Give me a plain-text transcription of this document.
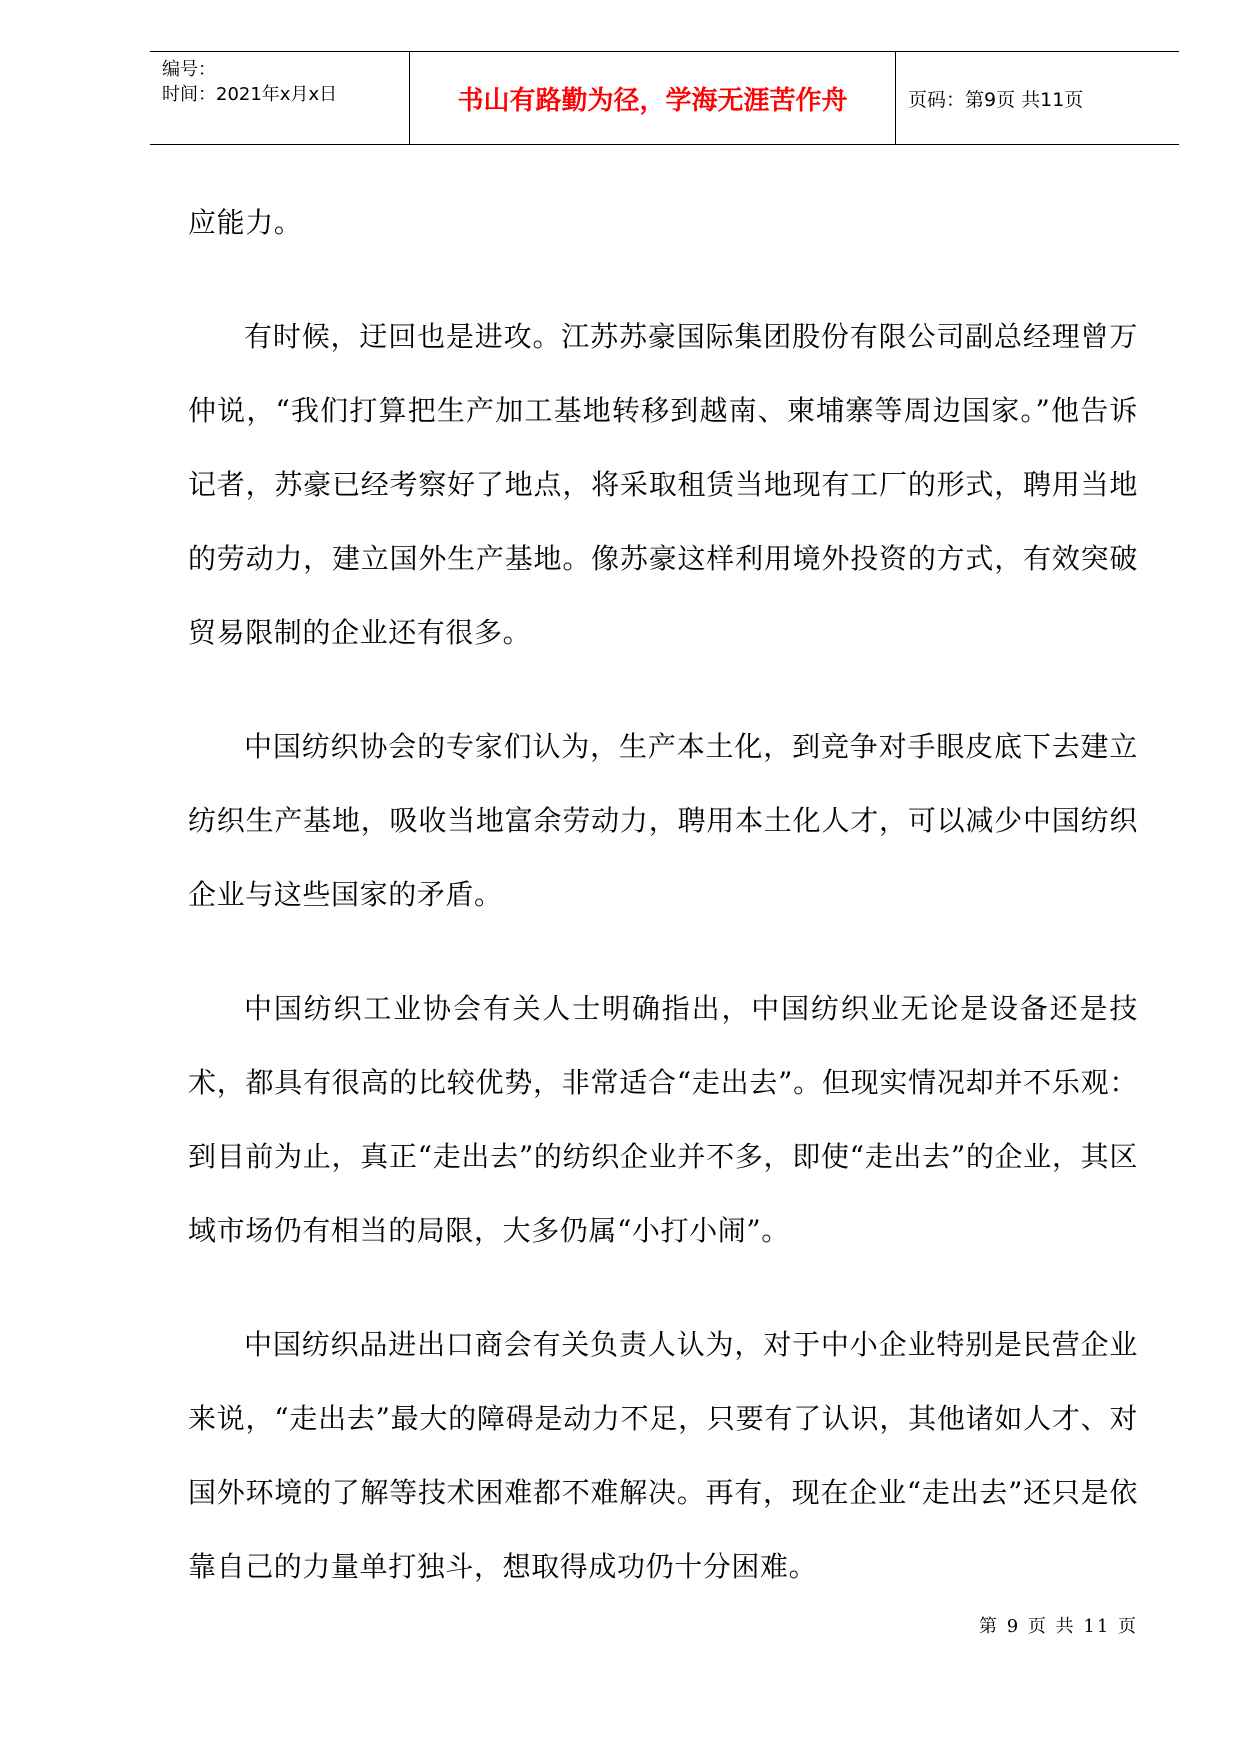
编号：
时间：2021年x月x日	书山有路勤为径，学海无涯苦作舟	页码：第9页 共11页

应能力。

有时候，迂回也是进攻。江苏苏豪国际集团股份有限公司副总经理曾万仲说，“我们打算把生产加工基地转移到越南、柬埔寨等周边国家。”他告诉记者，苏豪已经考察好了地点，将采取租赁当地现有工厂的形式，聘用当地的劳动力，建立国外生产基地。像苏豪这样利用境外投资的方式，有效突破贸易限制的企业还有很多。

中国纺织协会的专家们认为，生产本土化，到竞争对手眼皮底下去建立纺织生产基地，吸收当地富余劳动力，聘用本土化人才，可以减少中国纺织企业与这些国家的矛盾。

中国纺织工业协会有关人士明确指出，中国纺织业无论是设备还是技术，都具有很高的比较优势，非常适合“走出去”。但现实情况却并不乐观：到目前为止，真正“走出去”的纺织企业并不多，即使“走出去”的企业，其区域市场仍有相当的局限，大多仍属“小打小闹”。

中国纺织品进出口商会有关负责人认为，对于中小企业特别是民营企业来说，“走出去”最大的障碍是动力不足，只要有了认识，其他诸如人才、对国外环境的了解等技术困难都不难解决。再有，现在企业“走出去”还只是依靠自己的力量单打独斗，想取得成功仍十分困难。

第 9 页 共 11 页
